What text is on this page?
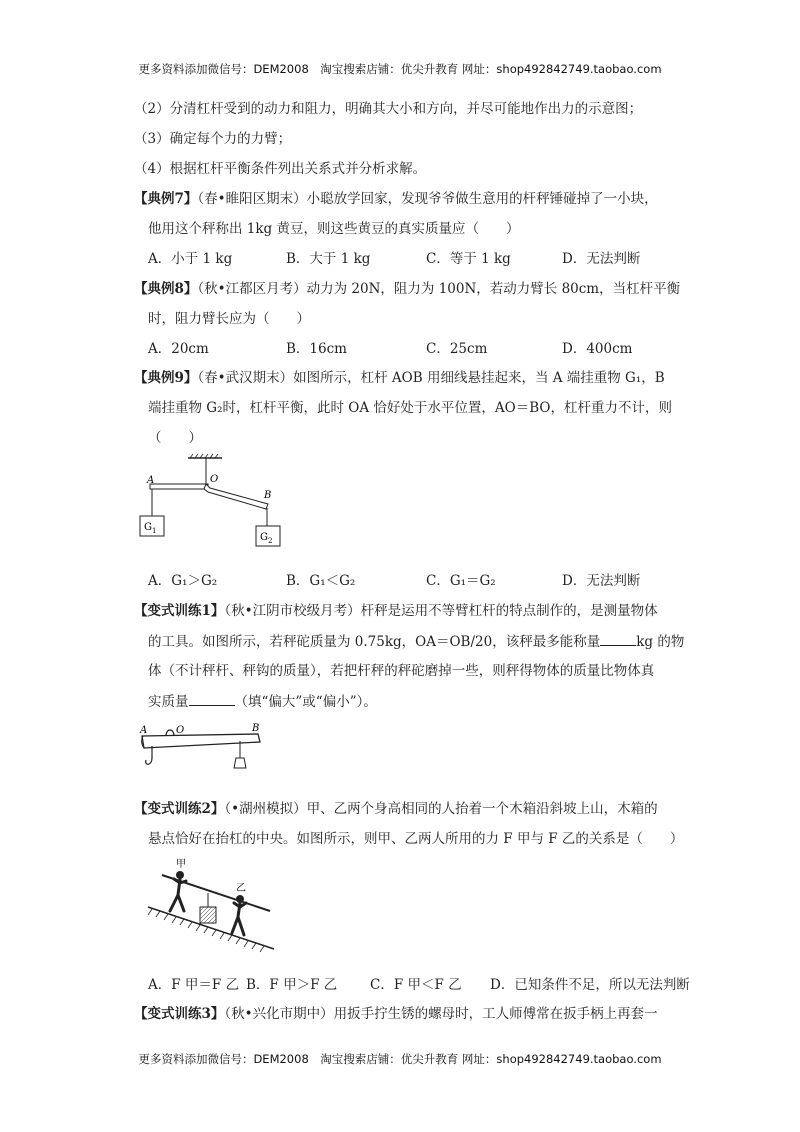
更多资料添加微信号：DEM2008　淘宝搜索店铺：优尖升教育 网址：shop492842749.taobao.com
（2）分清杠杆受到的动力和阻力，明确其大小和方向，并尽可能地作出力的示意图；
（3）确定每个力的力臂；
（4）根据杠杆平衡条件列出关系式并分析求解。
【典例7】（春•睢阳区期末）小聪放学回家，发现爷爷做生意用的杆秤锤碰掉了一小块，
他用这个秤称出 1kg 黄豆，则这些黄豆的真实质量应（　　）
A．小于 1 kg	B．大于 1 kg	C．等于 1 kg	D．无法判断
【典例8】（秋•江都区月考）动力为 20N，阻力为 100N，若动力臂长 80cm，当杠杆平衡
时，阻力臂长应为（　　）
A．20cm	B．16cm	C．25cm	D．400cm
【典例9】（春•武汉期末）如图所示，杠杆 AOB 用细线悬挂起来，当 A 端挂重物 G₁，B
端挂重物 G₂时，杠杆平衡，此时 OA 恰好处于水平位置，AO＝BO，杠杆重力不计，则
（　　）
A	O
B
$G_1$
$G_2$
A．G₁＞G₂	B．G₁＜G₂	C．G₁＝G₂	D．无法判断
【变式训练1】（秋•江阴市校级月考）杆秤是运用不等臂杠杆的特点制作的，是测量物体
的工具。如图所示，若秤砣质量为 0.75kg，OA＝OB/20，该秤最多能称量	kg 的物
体（不计秤杆、秤钩的质量），若把杆秤的秤砣磨掉一些，则秤得物体的质量比物体真
实质量	（填“偏大”或“偏小”）。
A	O	B
【变式训练2】（•湖州模拟）甲、乙两个身高相同的人抬着一个木箱沿斜坡上山，木箱的
悬点恰好在抬杠的中央。如图所示，则甲、乙两人所用的力 F 甲与 F 乙的关系是（　　）
甲
乙
A．F 甲＝F 乙 B．F 甲＞F 乙 C．F 甲＜F 乙 D．已知条件不足，所以无法判断
【变式训练3】（秋•兴化市期中）用扳手拧生锈的螺母时，工人师傅常在扳手柄上再套一
更多资料添加微信号：DEM2008　淘宝搜索店铺：优尖升教育 网址：shop492842749.taobao.com
